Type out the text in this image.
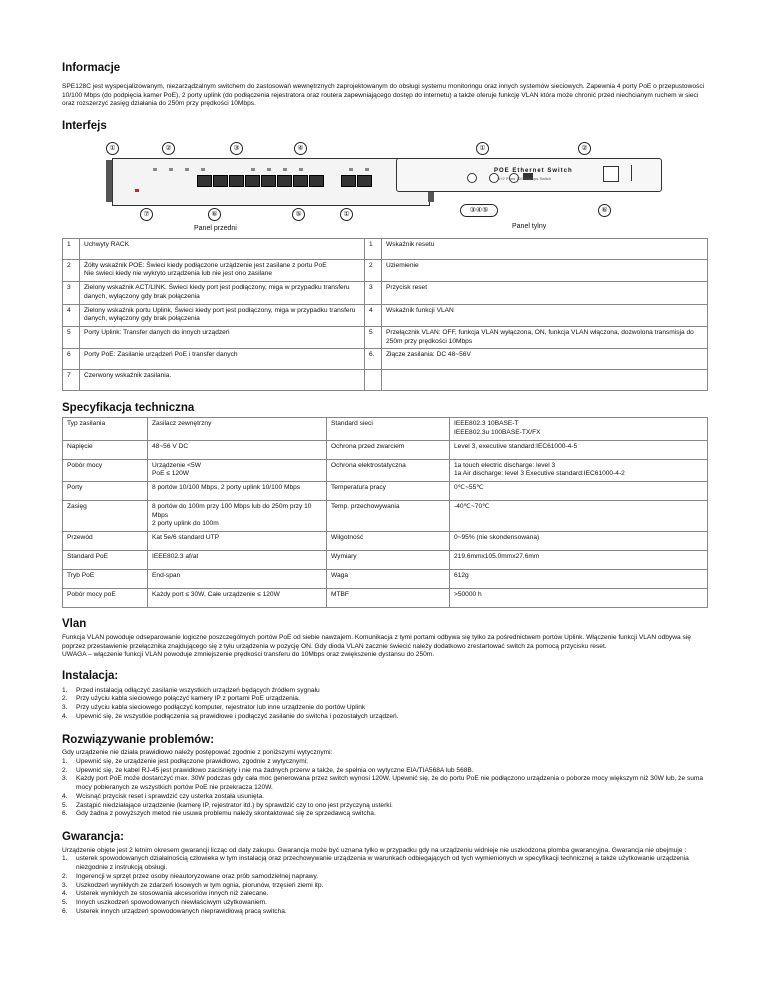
Informacje

SPE128C jest wyspecjalizowanym, niezarządzalnym switchem do zastosowań wewnętrznych zaprojektowanym do obsługi systemu monitoringu oraz innych systemów sieciowych. Zapewnia 4 porty PoE o przepustowości 10/100 Mbps (do podpięcia kamer PoE), 2 porty uplink (do podłączenia rejestratora oraz routera zapewniającego dostęp do internetu) a także oferuje funkcję VLAN która może chronić przed niechcianym ruchem w sieci oraz rozszerzyć zasięg działania do 250m przy prędkości 10Mbps.

Interfejs
①	②	③	④
⑦	⑥	⑤	①
Panel przedni
POE Ethernet Switch
4+2 Ports 10/100Mbps Switch
①	②
③④⑤	⑥
Panel tylny
1	Uchwyty RACK	1	Wskaźnik resetu
2	Żółty wskaźnik POE: Świeci kiedy podłączone urządzenie jest zasilane z portu PoE
Nie świeci kiedy nie wykryto urządzenia lub nie jest ono zasilane	2	Uziemienie
3	Zielony wskaźnik ACT/LINK. Świeci kiedy port jest podłączony, miga w przypadku transferu danych, wyłączony gdy brak połączenia	3	Przycisk reset
4	Zielony wskaźnik portu Uplink, Świeci kiedy port jest podłączony, miga w przypadku transferu danych, wyłączony gdy brak połączenia	4	Wskaźnik funkcji VLAN
5	Porty Uplink: Transfer danych do innych urządzeń	5	Przełącznik VLAN: OFF, funkcja VLAN wyłączona, ON, funkcja VLAN włączona, dozwolona transmisja do 250m przy prędkości 10Mbps
6	Porty PoE: Zasilanie urządzeń PoE i transfer danych	6.	Złącze zasilania: DC 48~56V
7	Czerwony wskaźnik zasilania.		
Specyfikacja techniczna
Typ zasilania	Zasilacz zewnętrzny	Standard sieci	IEEE802.3 10BASE-T
IEEE802.3u 100BASE-TX/FX
Napięcie	48~56 V DC	Ochrona przed zwarciem	Level 3, executive standard:IEC61000-4-5
Pobór mocy	Urządzenie <5W
PoE ≤ 120W	Ochrona elektrostatyczna	1a touch electric discharge: level 3
1a Air discharge: level 3 Executive standard:IEC61000-4-2
Porty	8 portów 10/100 Mbps, 2 porty uplink 10/100 Mbps	Temperatura pracy	0℃~55℃
Zasięg	8 portów do 100m przy 100 Mbps lub do 250m przy 10 Mbps
2 porty uplink do 100m	Temp. przechowywania	-40℃~70℃
Przewód	Kat 5e/6 standard UTP	Wilgotność	0~95% (nie skondensowana)
Standard PoE	IEEE802.3 af/at	Wymiary	219.6mmx105.0mmx27.6mm
Tryb PoE	End-span	Waga	612g
Pobór mocy poE	Każdy port ≤ 30W, Całe urządzenie ≤ 120W	MTBF	>50000 h
Vlan

Funkcja VLAN powoduje odseparowanie logiczne poszczególnych portów PoE od siebie nawzajem. Komunikacja z tymi portami odbywa się tylko za pośrednictwem portów Uplink. Włączenie funkcji VLAN odbywa się poprzez przestawienie przełącznika znajdującego się z tyłu urządzenia w pozycję ON. Gdy dioda VLAN zacznie świecić należy dodatkowo zrestartować switch za pomocą przycisku reset.

UWAGA – włączenie funkcji VLAN powoduje zmniejszenie prędkości transferu do 10Mbps oraz zwiększenie dystansu do 250m.

Instalacja:
1.	Przed instalacją odłączyć zasilanie wszystkich urządzeń będących źródłem sygnału
2.	Przy użyciu kabla sieciowego połączyć kamery IP z portami PoE urządzenia.
3.	Przy użyciu kabla sieciowego podłączyć komputer, rejestrator lub inne urządzenie do portów Uplink
4.	Upewnić się, że wszystkie podłączenia są prawidłowe i podłączyć zasilanie do switcha i pozostałych urządzeń.
Rozwiązywanie problemów:

Gdy urządzenie nie działa prawidłowo należy postępować zgodnie z poniższymi wytycznymi:

1.	Upewnić się, że urządzenie jest podłączone prawidłowo, zgodnie z wytycznymi;
2.	Upewnić się, że kabel RJ-45 jest prawidłowo zaciśnięty i nie ma żadnych przerw a także, że spełnia on wytyczne EIA/TIA568A lub 568B.
3.	Każdy port PoE może dostarczyć max. 30W podczas gdy cała moc generowana przez switch wynosi 120W. Upewnić się, że do portu PoE nie podłączono urządzenia o poborze mocy większym niż 30W lub, że suma mocy pobieranych ze wszystkich portów PoE nie przekracza 120W.
4.	Wcisnąć przycisk reset i sprawdzić czy usterka została usunięta.
5.	Zastąpić niedziałające urządzenie (kamerę IP, rejestrator itd.) by sprawdzić czy to ono jest przyczyną usterki.
6.	Gdy żadna z powyższych metod nie usuwa problemu należy skontaktować się ze sprzedawcą switcha.
Gwarancja:

Urządzenie objęte jest 2 letnim okresem gwarancji licząc od daty zakupu. Gwarancja może być uznana tylko w przypadku gdy na urządzeniu widnieje nie uszkodzona plomba gwarancyjna. Gwarancja nie obejmuje :

1.	usterek spowodowanych działalnością człowieka w tym instalacją oraz przechowywanie urządzenia w warunkach odbiegających od tych wymienionych w specyfikacji technicznej a także użytkowanie urządzenia niezgodnie z instrukcją obsługi.
2.	Ingerencji w sprzęt przez osoby nieautoryzowane oraz prób samodzielnej naprawy.
3.	Uszkodzeń wynikłych ze zdarzeń losowych w tym ognia, piorunów, trzęsień ziemi itp.
4.	Usterek wynikłych ze stosowania akcesoriów innych niż zalecane.
5.	Innych uszkodzeń spowodowanych niewłaściwym użytkowaniem.
6.	Usterek innych urządzeń spowodowanych nieprawidłową pracą switcha.
